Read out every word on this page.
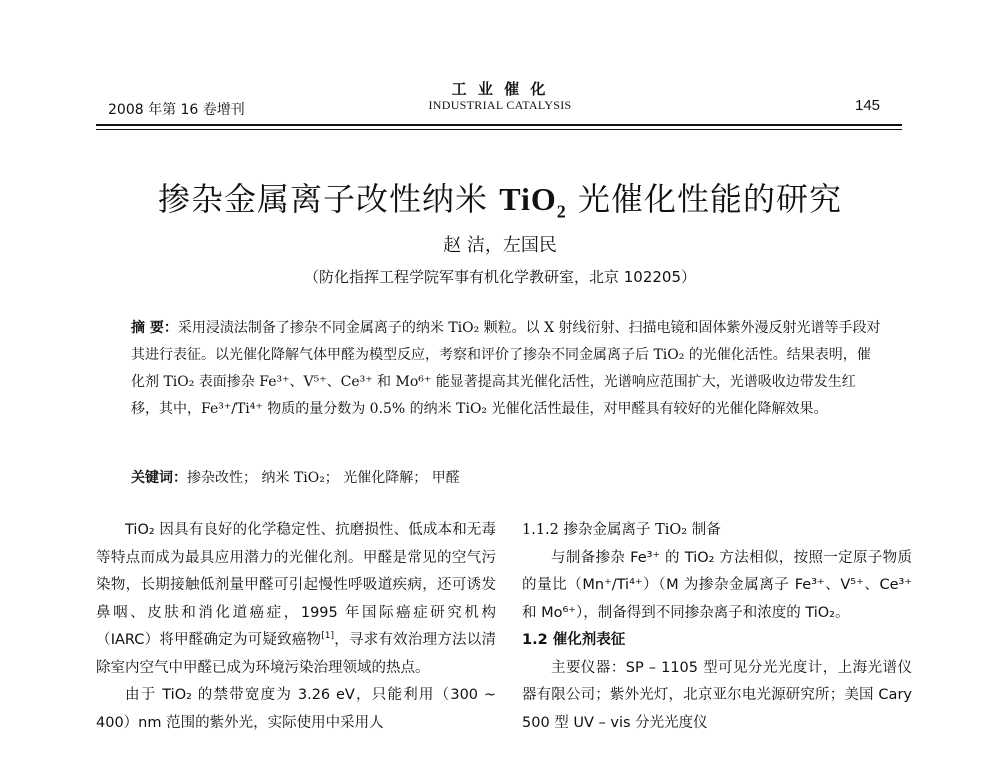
2008 年第 16 卷增刊
工 业 催 化
INDUSTRIAL CATALYSIS	145
掺杂金属离子改性纳米 TiO$_2$ 光催化性能的研究
赵 洁，左国民
（防化指挥工程学院军事有机化学教研室，北京 102205）
摘 要：采用浸渍法制备了掺杂不同金属离子的纳米 TiO₂ 颗粒。以 X 射线衍射、扫描电镜和固体紫外漫反射光谱等手段对其进行表征。以光催化降解气体甲醛为模型反应，考察和评价了掺杂不同金属离子后 TiO₂ 的光催化活性。结果表明，催化剂 TiO₂ 表面掺杂 Fe³⁺、V⁵⁺、Ce³⁺ 和 Mo⁶⁺ 能显著提高其光催化活性，光谱响应范围扩大，光谱吸收边带发生红移，其中，Fe³⁺/Ti⁴⁺ 物质的量分数为 0.5% 的纳米 TiO₂ 光催化活性最佳，对甲醛具有较好的光催化降解效果。
关键词：掺杂改性； 纳米 TiO₂； 光催化降解； 甲醛

TiO₂ 因具有良好的化学稳定性、抗磨损性、低成本和无毒等特点而成为最具应用潜力的光催化剂。甲醛是常见的空气污染物，长期接触低剂量甲醛可引起慢性呼吸道疾病，还可诱发鼻咽、皮肤和消化道癌症，1995 年国际癌症研究机构（IARC）将甲醛确定为可疑致癌物[1]，寻求有效治理方法以清除室内空气中甲醛已成为环境污染治理领域的热点。

由于 TiO₂ 的禁带宽度为 3.26 eV，只能利用（300 ~ 400）nm 范围的紫外光，实际使用中采用人

1.1.2 掺杂金属离子 TiO₂ 制备

与制备掺杂 Fe³⁺ 的 TiO₂ 方法相似，按照一定原子物质的量比（Mn⁺/Ti⁴⁺）（M 为掺杂金属离子 Fe³⁺、V⁵⁺、Ce³⁺ 和 Mo⁶⁺），制备得到不同掺杂离子和浓度的 TiO₂。

1.2 催化剂表征

主要仪器：SP – 1105 型可见分光光度计，上海光谱仪器有限公司；紫外光灯，北京亚尔电光源研究所；美国 Cary 500 型 UV – vis 分光光度仪
